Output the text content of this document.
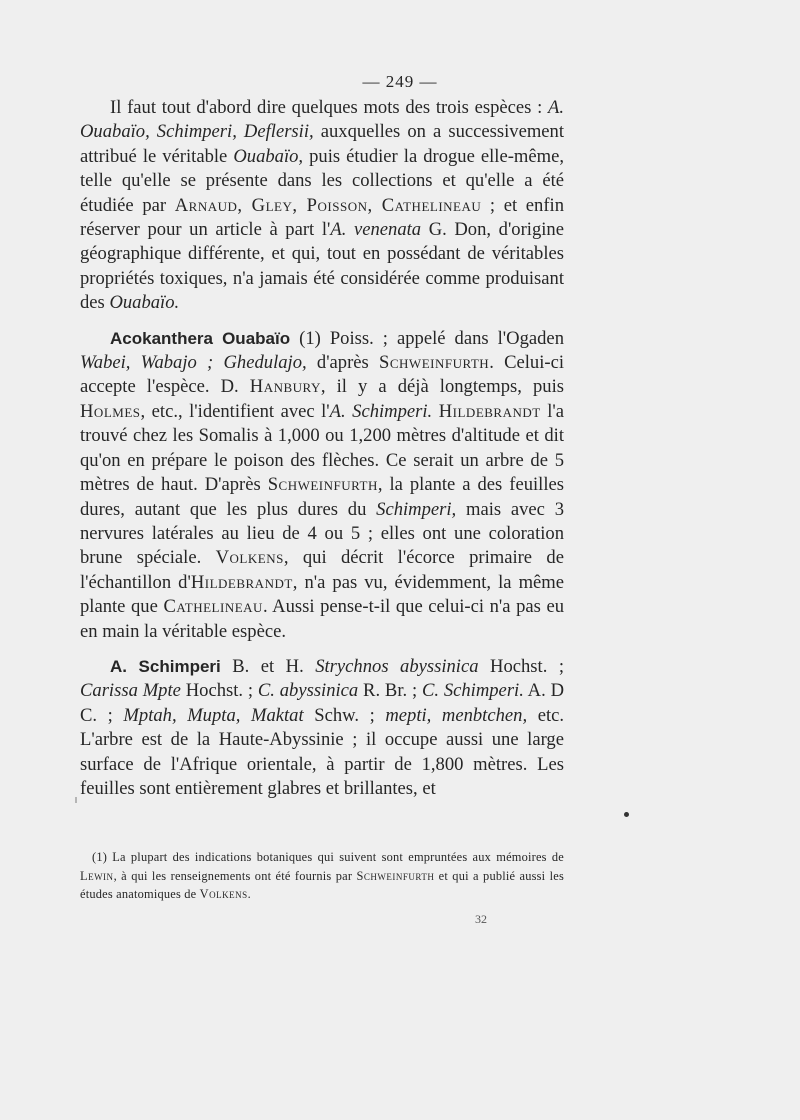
— 249 —

Il faut tout d'abord dire quelques mots des trois espèces : A. Ouabaïo, Schimperi, Deflersii, auxquelles on a successivement attribué le véritable Ouabaïo, puis étudier la drogue elle-même, telle qu'elle se présente dans les collections et qu'elle a été étudiée par Arnaud, Gley, Poisson, Cathelineau ; et enfin réserver pour un article à part l'A. venenata G. Don, d'origine géographique différente, et qui, tout en possédant de véritables propriétés toxiques, n'a jamais été considérée comme produisant des Ouabaïo.

Acokanthera Ouabaïo (1) Poiss. ; appelé dans l'Ogaden Wabei, Wabajo ; Ghedulajo, d'après Schweinfurth. Celui-ci accepte l'espèce. D. Hanbury, il y a déjà longtemps, puis Holmes, etc., l'identifient avec l'A. Schimperi. Hildebrandt l'a trouvé chez les Somalis à 1,000 ou 1,200 mètres d'altitude et dit qu'on en prépare le poison des flèches. Ce serait un arbre de 5 mètres de haut. D'après Schweinfurth, la plante a des feuilles dures, autant que les plus dures du Schimperi, mais avec 3 nervures latérales au lieu de 4 ou 5 ; elles ont une coloration brune spéciale. Volkens, qui décrit l'écorce primaire de l'échantillon d'Hildebrandt, n'a pas vu, évidemment, la même plante que Cathelineau. Aussi pense-t-il que celui-ci n'a pas eu en main la véritable espèce.

A. Schimperi B. et H. Strychnos abyssinica Hochst. ; Carissa Mpte Hochst. ; C. abyssinica R. Br. ; C. Schimperi. A. D C. ; Mptah, Mupta, Maktat Schw. ; mepti, menbtchen, etc. L'arbre est de la Haute-Abyssinie ; il occupe aussi une large surface de l'Afrique orientale, à partir de 1,800 mètres. Les feuilles sont entièrement glabres et brillantes, et

(1) La plupart des indications botaniques qui suivent sont empruntées aux mémoires de Lewin, à qui les renseignements ont été fournis par Schweinfurth et qui a publié aussi les études anatomiques de Volkens.

32
